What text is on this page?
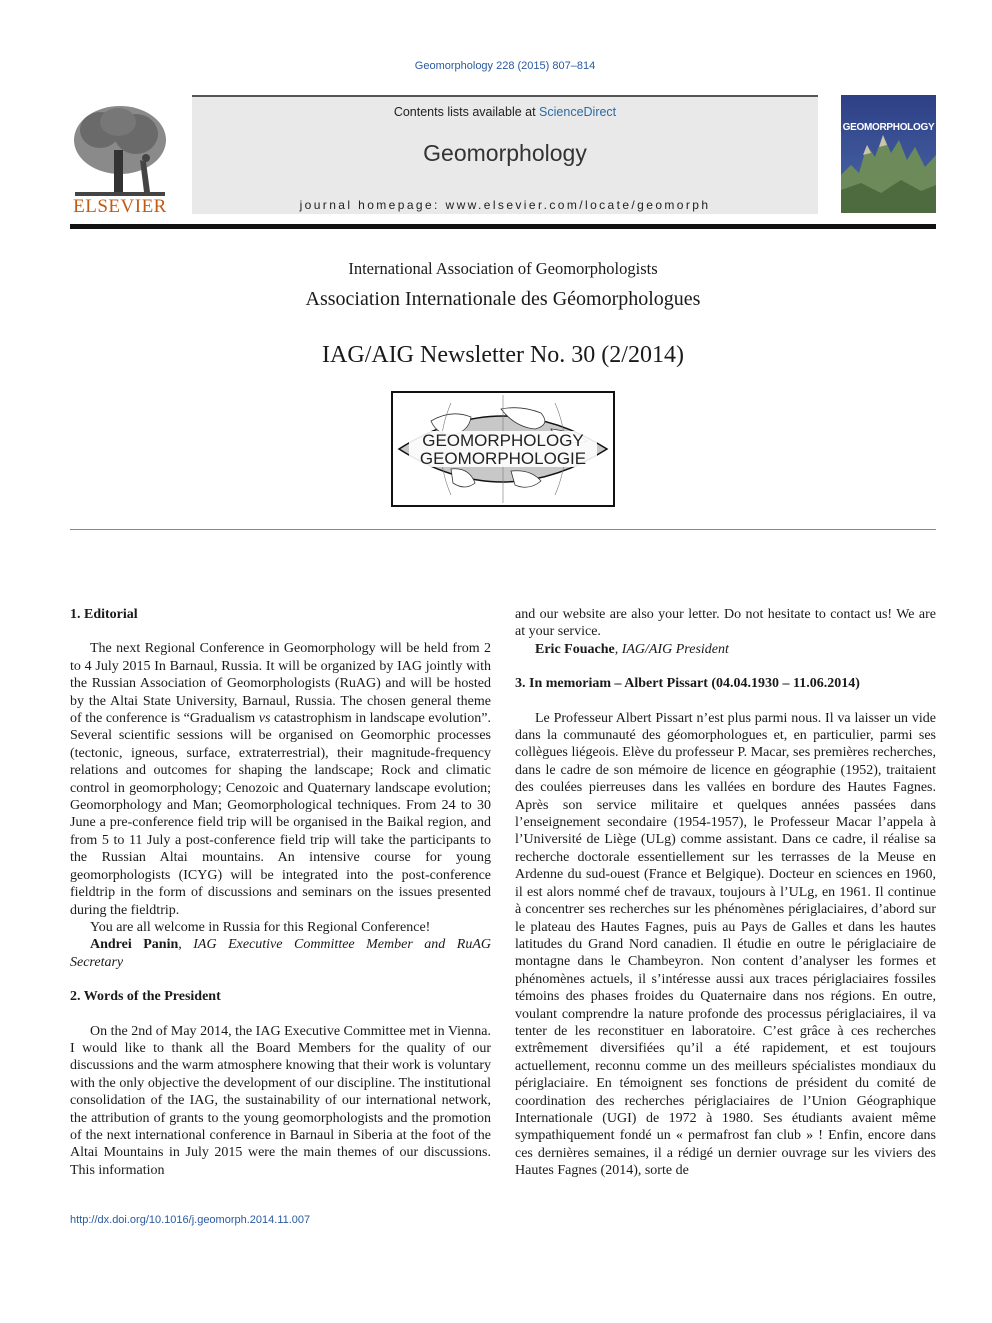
Geomorphology 228 (2015) 807–814
Contents lists available at ScienceDirect
Geomorphology
journal homepage: www.elsevier.com/locate/geomorph
ELSEVIER
GEOMORPHOLOGY
International Association of Geomorphologists
Association Internationale des Géomorphologues
IAG/AIG Newsletter No. 30 (2/2014)
GEOMORPHOLOGY
GEOMORPHOLOGIE
1. Editorial

The next Regional Conference in Geomorphology will be held from 2 to 4 July 2015 In Barnaul, Russia. It will be organized by IAG jointly with the Russian Association of Geomorphologists (RuAG) and will be hosted by the Altai State University, Barnaul, Russia. The chosen general theme of the conference is “Gradualism vs catastrophism in landscape evolution”. Several scientific sessions will be organised on Geomorphic processes (tectonic, igneous, surface, extraterrestrial), their magnitude-frequency relations and outcomes for shaping the landscape; Rock and climatic control in geomorphology; Cenozoic and Quaternary landscape evolution; Geomorphology and Man; Geomorphological techniques. From 24 to 30 June a pre-conference field trip will be organised in the Baikal region, and from 5 to 11 July a post-conference field trip will take the participants to the Russian Altai mountains. An intensive course for young geomorphologists (ICYG) will be integrated into the post-conference fieldtrip in the form of discussions and seminars on the issues presented during the fieldtrip.

You are all welcome in Russia for this Regional Conference!

Andrei Panin, IAG Executive Committee Member and RuAG Secretary

2. Words of the President

On the 2nd of May 2014, the IAG Executive Committee met in Vienna. I would like to thank all the Board Members for the quality of our discussions and the warm atmosphere knowing that their work is voluntary with the only objective the development of our discipline. The institutional consolidation of the IAG, the sustainability of our international network, the attribution of grants to the young geomorphologists and the promotion of the next international conference in Barnaul in Siberia at the foot of the Altai Mountains in July 2015 were the main themes of our discussions. This information

and our website are also your letter. Do not hesitate to contact us! We are at your service.

Eric Fouache, IAG/AIG President

3. In memoriam – Albert Pissart (04.04.1930 – 11.06.2014)

Le Professeur Albert Pissart n’est plus parmi nous. Il va laisser un vide dans la communauté des géomorphologues et, en particulier, parmi ses collègues liégeois. Elève du professeur P. Macar, ses premières recherches, dans le cadre de son mémoire de licence en géographie (1952), traitaient des coulées pierreuses dans les vallées en bordure des Hautes Fagnes. Après son service militaire et quelques années passées dans l’enseignement secondaire (1954-1957), le Professeur Macar l’appela à l’Université de Liège (ULg) comme assistant. Dans ce cadre, il réalise sa recherche doctorale essentiellement sur les terrasses de la Meuse en Ardenne du sud-ouest (France et Belgique). Docteur en sciences en 1960, il est alors nommé chef de travaux, toujours à l’ULg, en 1961. Il continue à concentrer ses recherches sur les phénomènes périglaciaires, d’abord sur le plateau des Hautes Fagnes, puis au Pays de Galles et dans les hautes latitudes du Grand Nord canadien. Il étudie en outre le périglaciaire de montagne dans le Chambeyron. Non content d’analyser les formes et phénomènes actuels, il s’intéresse aussi aux traces périglaciaires fossiles témoins des phases froides du Quaternaire dans nos régions. En outre, voulant comprendre la nature profonde des processus périglaciaires, il va tenter de les reconstituer en laboratoire. C’est grâce à ces recherches extrêmement diversifiées qu’il a été rapidement, et est toujours actuellement, reconnu comme un des meilleurs spécialistes mondiaux du périglaciaire. En témoignent ses fonctions de président du comité de coordination des recherches périglaciaires de l’Union Géographique Internationale (UGI) de 1972 à 1980. Ses étudiants avaient même sympathiquement fondé un « permafrost fan club » ! Enfin, encore dans ces dernières semaines, il a rédigé un dernier ouvrage sur les viviers des Hautes Fagnes (2014), sorte de

http://dx.doi.org/10.1016/j.geomorph.2014.11.007
